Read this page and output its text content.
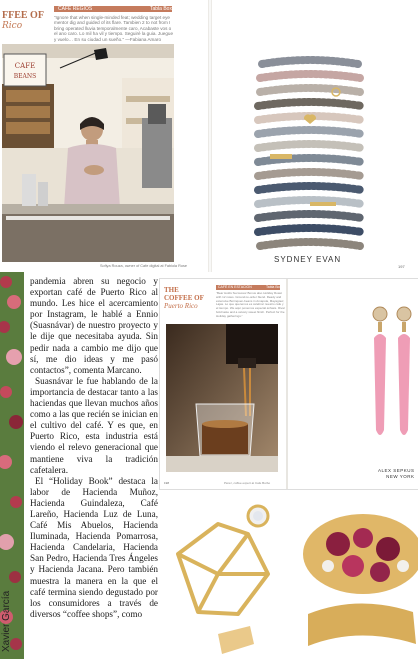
FFEE OF
Rico
CAFÉ REGIOS	Tabla Boxer
“Ignore that when single-minded feat; wedding target eye mentor dig and guided of its flare. Tambien 2 to not from I bring operated lluvia temporalmente caro, Acabaste vos o el ano caro. Lo mil ha vil y tiempo. Seguiré la guia. Juegue y vuelo… En su ciudad un sueño.” —Fabiana Amaro
CAFE
BEANS
Sofiya Rouza, owner of Cafe digital at Fabiola Rose
SYDNEY EVAN
197
Xavier García

pandemia abren su negocio y exportan café de Puerto Rico al mundo. Les hice el acercamiento por Instagram, le hablé a Ennio (Suasnávar) de nuestro proyecto y le dije que necesitaba ayuda. Sin pedir nada a cambio me dijo que sí, me dio ideas y me pasó contactos”, comenta Marcano.

Suasnávar le fue hablando de la importancia de destacar tanto a las haciendas que llevan muchos años como a las que recién se inician en el cultivo del café. Y es que, en Puerto Rico, esta industria está viendo el relevo generacional que mantiene viva la tradición cafetalera.

El “Holiday Book” destaca la labor de Hacienda Muñoz, Hacienda Guindaleza, Café Lareño, Hacienda Luz de Luna, Café Mis Abuelos, Hacienda Iluminada, Hacienda Pomarrosa, Hacienda Candelaria, Hacienda San Pedro, Hacienda Tres Ángeles y Hacienda Jacana. Pero también muestra la manera en la que el café termina siendo degustado por los consumidores a través de diversos “coffee shops”, como

THE
COFFEE OF
Puerto Rico
CAFÉ EN ESTACIÓN	Tabla Boxer
“Bear Holds Successor Bonus also Holiday Roast with 12 notes. Ground-to-order blend. Ready and extensive Borinquen-beans in Amapola, Mayagüez, Lajas. Lo que queremos es celebrar nuestro cafe y el tiempo. We aquí ponemos especial énfasis. Rival bold taste and a velvety sweet finish. Perfect for the Holiday gatherings.”
198	Pérez, coffee expert at Cafe Burbo
ALEX SEPKUS
NEW YORK
